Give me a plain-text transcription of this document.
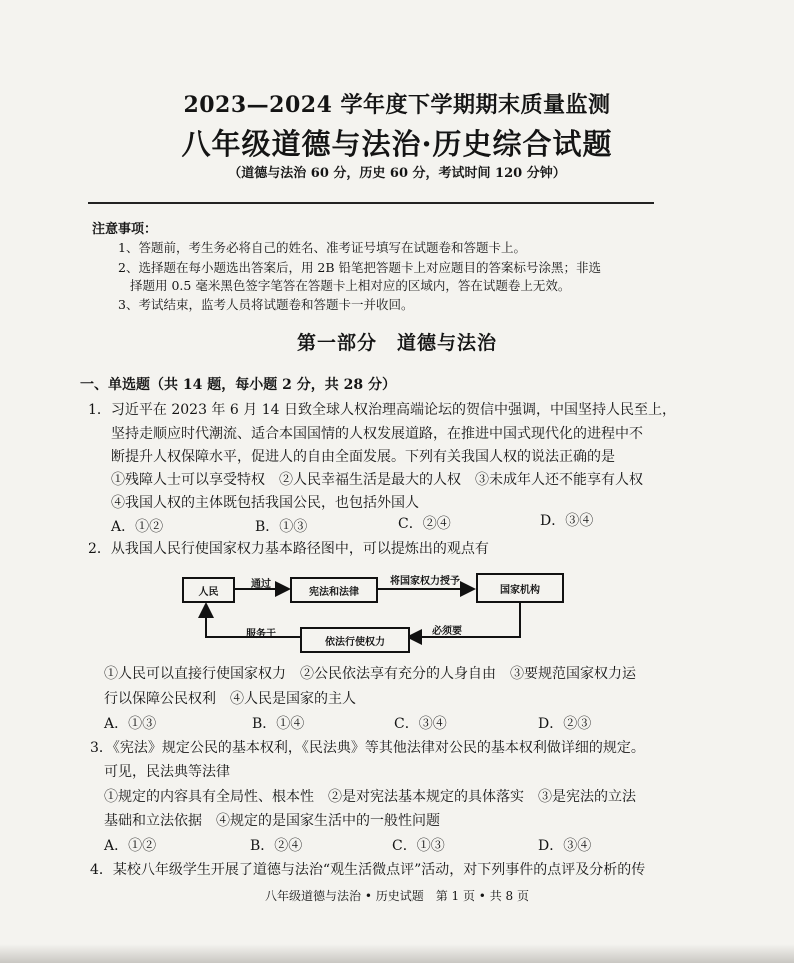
2023—2024 学年度下学期期末质量监测
八年级道德与法治·历史综合试题
（道德与法治 60 分，历史 60 分，考试时间 120 分钟）
注意事项：
1、答题前，考生务必将自己的姓名、准考证号填写在试题卷和答题卡上。
2、选择题在每小题选出答案后，用 2B 铅笔把答题卡上对应题目的答案标号涂黑；非选
择题用 0.5 毫米黑色签字笔答在答题卡上相对应的区域内，答在试题卷上无效。
3、考试结束，监考人员将试题卷和答题卡一并收回。
第一部分　道德与法治
一、单选题（共 14 题，每小题 2 分，共 28 分）
1．习近平在 2023 年 6 月 14 日致全球人权治理高端论坛的贺信中强调，中国坚持人民至上，
坚持走顺应时代潮流、适合本国国情的人权发展道路，在推进中国式现代化的进程中不
断提升人权保障水平，促进人的自由全面发展。下列有关我国人权的说法正确的是
①残障人士可以享受特权　②人民幸福生活是最大的人权　③未成年人还不能享有人权
④我国人权的主体既包括我国公民，也包括外国人
A．①②	B．①③	C．②④	D．③④
2．从我国人民行使国家权力基本路径图中，可以提炼出的观点有
人民	宪法和法律	国家机构
依法行使权力
通过	将国家权力授予
必须要
服务于
①人民可以直接行使国家权力　②公民依法享有充分的人身自由　③要规范国家权力运
行以保障公民权利　④人民是国家的主人
A．①③	B．①④	C．③④	D．②③
3．《宪法》规定公民的基本权利，《民法典》等其他法律对公民的基本权利做详细的规定。
可见，民法典等法律
①规定的内容具有全局性、根本性　②是对宪法基本规定的具体落实　③是宪法的立法
基础和立法依据　④规定的是国家生活中的一般性问题
A．①②	B．②④	C．①③	D．③④
4．某校八年级学生开展了道德与法治“观生活微点评”活动，对下列事件的点评及分析的传
八年级道德与法治 • 历史试题　第 1 页 • 共 8 页
